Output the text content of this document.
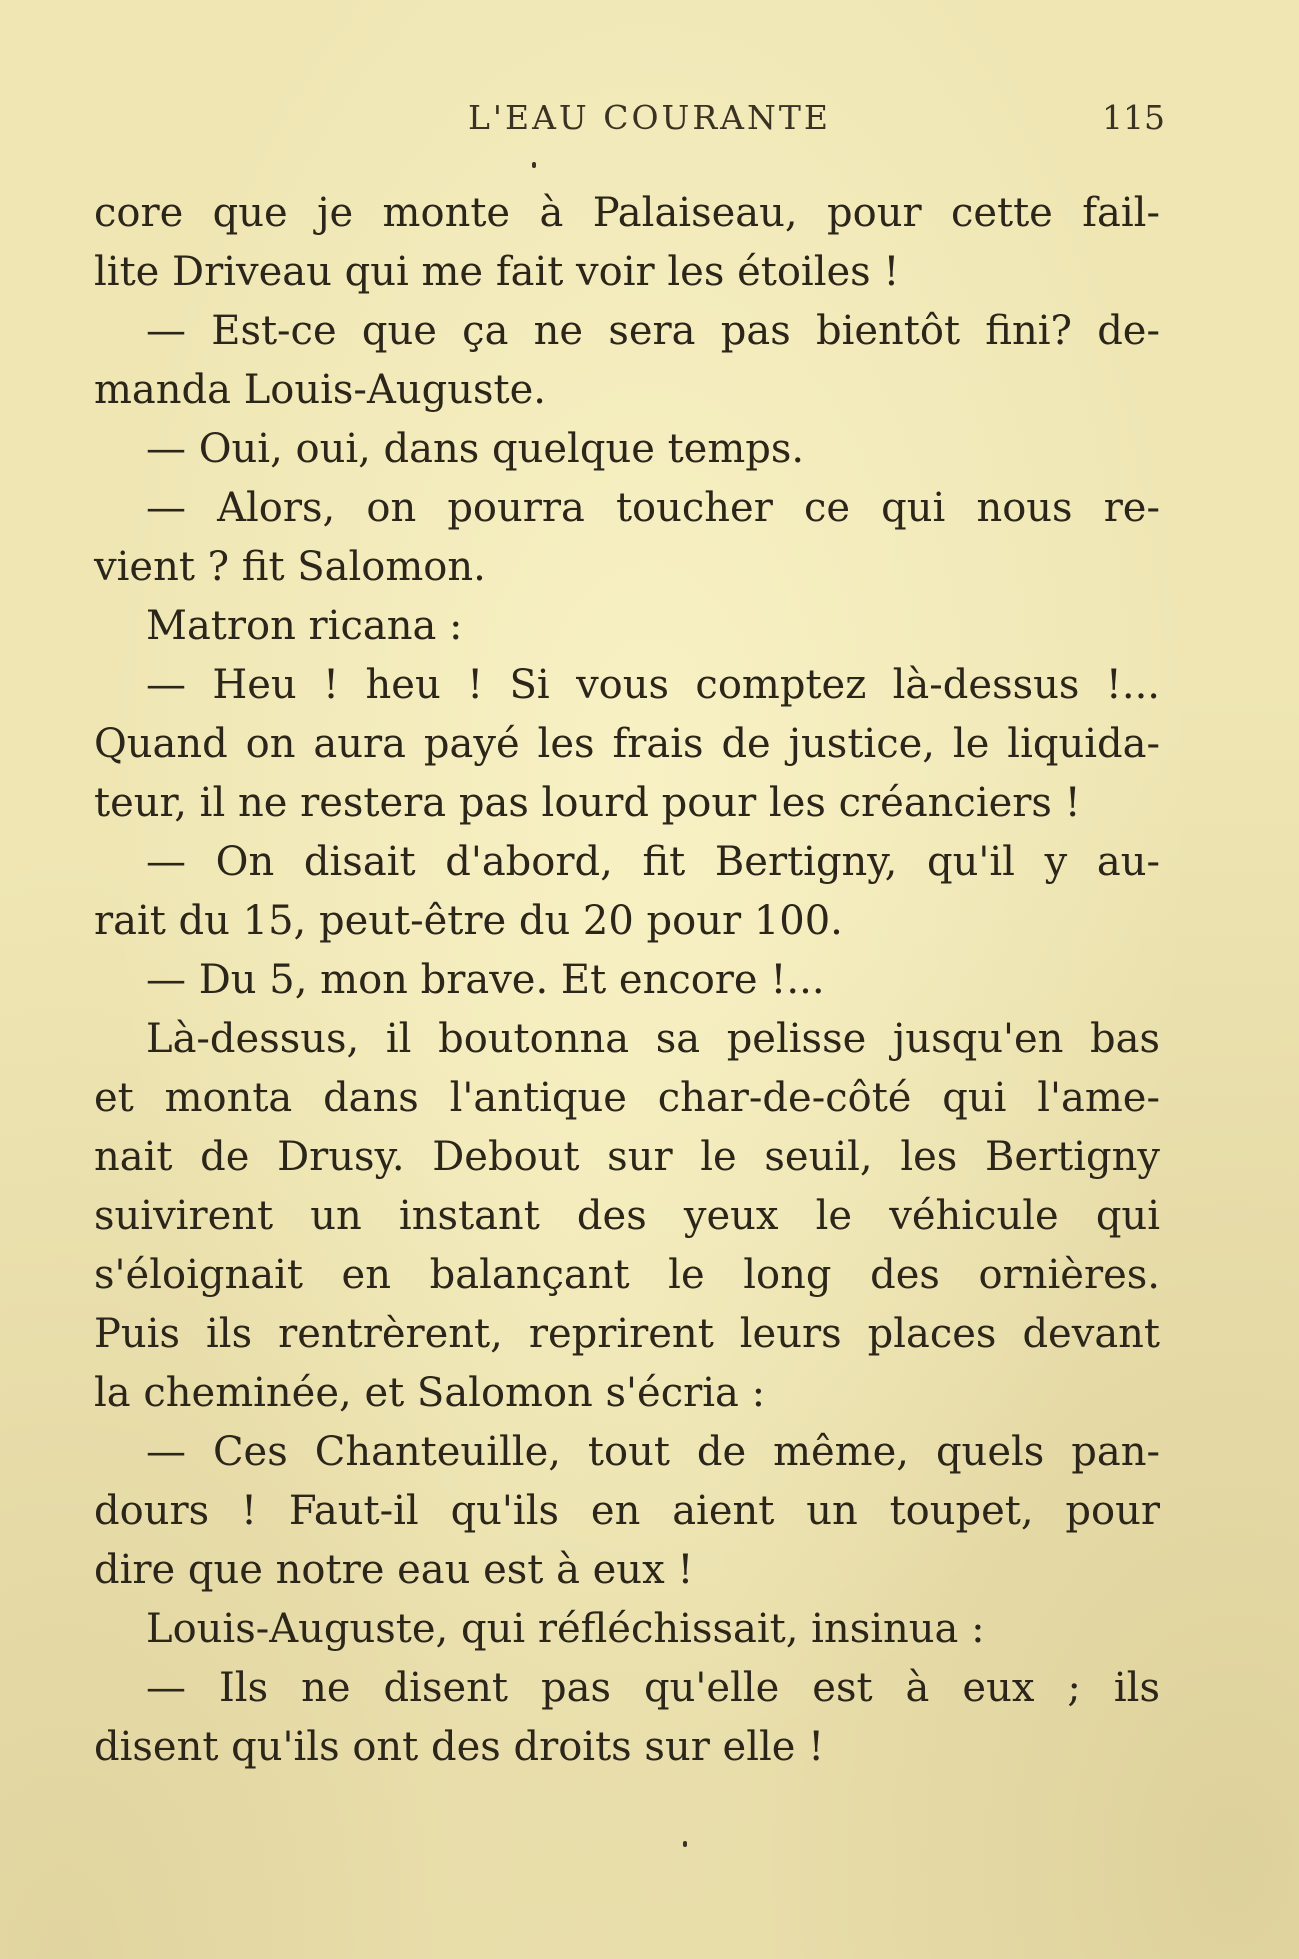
L'EAU COURANTE	115
core que je monte à Palaiseau, pour cette fail-
lite Driveau qui me fait voir les étoiles !
— Est-ce que ça ne sera pas bientôt fini? de-
manda Louis-Auguste.
— Oui, oui, dans quelque temps.
— Alors, on pourra toucher ce qui nous re-
vient ? fit Salomon.
Matron ricana :
— Heu ! heu ! Si vous comptez là-dessus !...
Quand on aura payé les frais de justice, le liquida-
teur, il ne restera pas lourd pour les créanciers !
— On disait d'abord, fit Bertigny, qu'il y au-
rait du 15, peut-être du 20 pour 100.
— Du 5, mon brave. Et encore !...
Là-dessus, il boutonna sa pelisse jusqu'en bas
et monta dans l'antique char-de-côté qui l'ame-
nait de Drusy. Debout sur le seuil, les Bertigny
suivirent un instant des yeux le véhicule qui
s'éloignait en balançant le long des ornières.
Puis ils rentrèrent, reprirent leurs places devant
la cheminée, et Salomon s'écria :
— Ces Chanteuille, tout de même, quels pan-
dours ! Faut-il qu'ils en aient un toupet, pour
dire que notre eau est à eux !
Louis-Auguste, qui réfléchissait, insinua :
— Ils ne disent pas qu'elle est à eux ; ils
disent qu'ils ont des droits sur elle !
